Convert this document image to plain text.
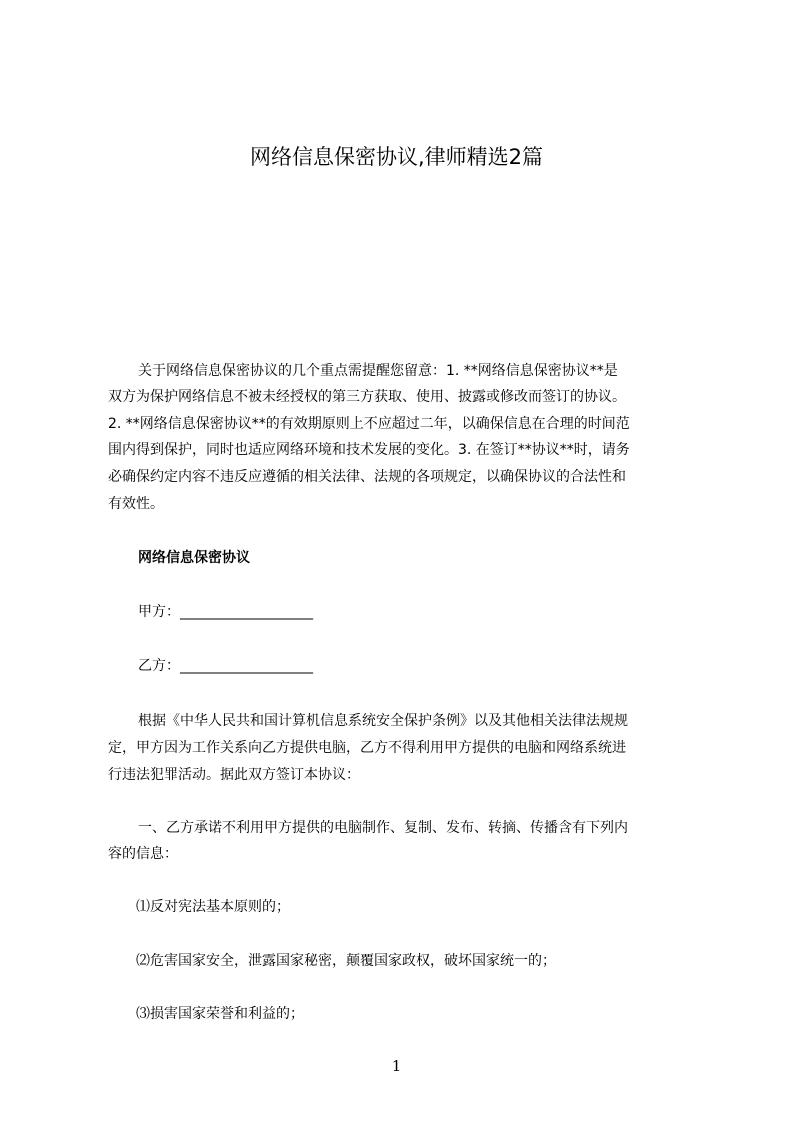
网络信息保密协议,律师精选2篇
关于网络信息保密协议的几个重点需提醒您留意：1. **网络信息保密协议**是
双方为保护网络信息不被未经授权的第三方获取、使用、披露或修改而签订的协议。
2. **网络信息保密协议**的有效期原则上不应超过二年，以确保信息在合理的时间范
围内得到保护，同时也适应网络环境和技术发展的变化。3. 在签订**协议**时，请务
必确保约定内容不违反应遵循的相关法律、法规的各项规定，以确保协议的合法性和
有效性。
网络信息保密协议
甲方：___________________
乙方：___________________
根据《中华人民共和国计算机信息系统安全保护条例》以及其他相关法律法规规
定，甲方因为工作关系向乙方提供电脑，乙方不得利用甲方提供的电脑和网络系统进
行违法犯罪活动。据此双方签订本协议：
一、乙方承诺不利用甲方提供的电脑制作、复制、发布、转摘、传播含有下列内
容的信息：
⑴反对宪法基本原则的；
⑵危害国家安全，泄露国家秘密，颠覆国家政权，破坏国家统一的；
⑶损害国家荣誉和利益的；
1
